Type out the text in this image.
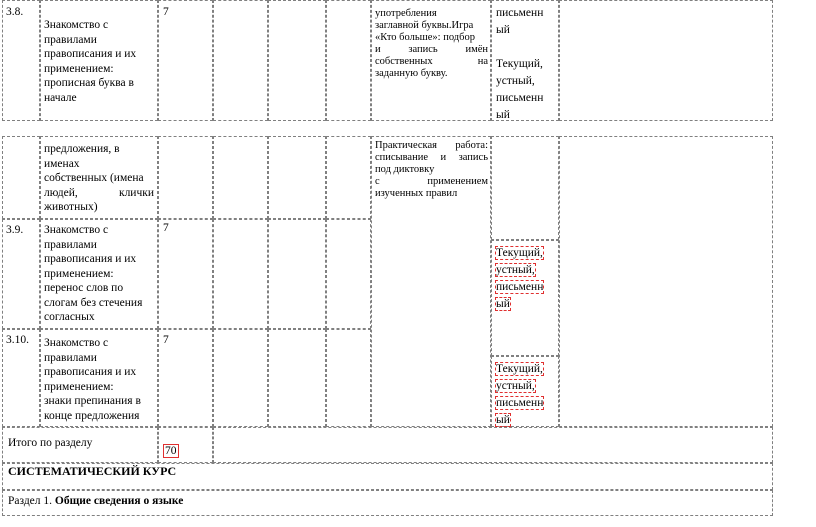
3.8.
Знакомство с
правилами
правописания и их
применением:
прописная буква в
начале
7	употребления
заглавной буквы.Игра
«Кто больше»: подбор
и запись имён
собственных на
заданную букву.
письменн
ый
Текущий,
устный,
письменн
ый
предложения, в
именах
собственных (имена
людей, клички
животных)
Практическая работа:
списывание и запись
под диктовку
с применением
изученных правил
3.9. Знакомство с
правилами
правописания и их
применением:
перенос слов по
слогам без стечения
согласных
7
Текущий,
устный,
письменн
ый
3.10. Знакомство с
правилами
правописания и их
применением:
знаки препинания в
конце предложения
7
Текущий,
устный,
письменн
ый
Итого по разделу
70
СИСТЕМАТИЧЕСКИЙ КУРС
Раздел 1. Общие сведения о языке
